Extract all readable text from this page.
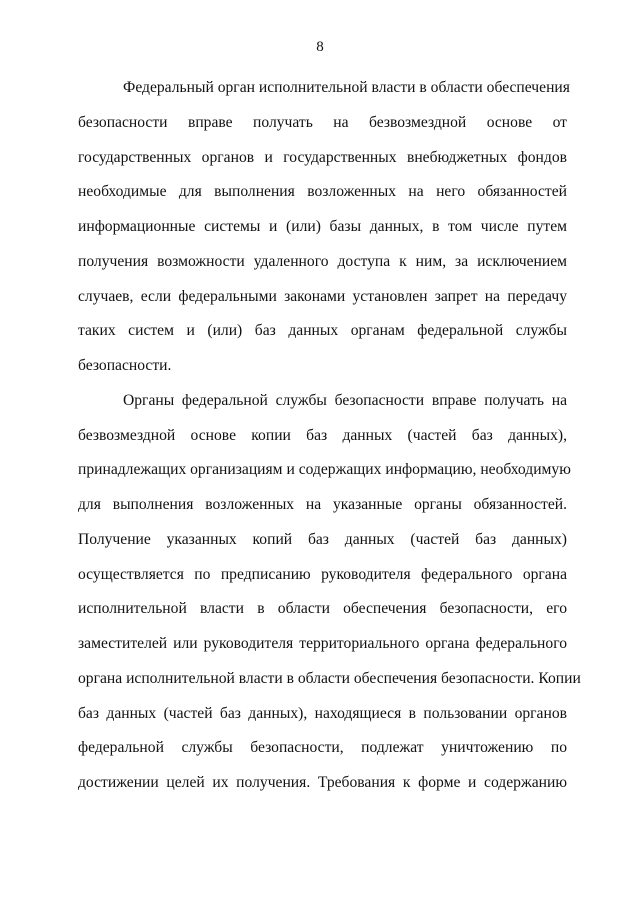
8
Федеральный орган исполнительной власти в области обеспечения
безопасности вправе получать на безвозмездной основе от
государственных органов и государственных внебюджетных фондов
необходимые для выполнения возложенных на него обязанностей
информационные системы и (или) базы данных, в том числе путем
получения возможности удаленного доступа к ним, за исключением
случаев, если федеральными законами установлен запрет на передачу
таких систем и (или) баз данных органам федеральной службы
безопасности.
Органы федеральной службы безопасности вправе получать на
безвозмездной основе копии баз данных (частей баз данных),
принадлежащих организациям и содержащих информацию, необходимую
для выполнения возложенных на указанные органы обязанностей.
Получение указанных копий баз данных (частей баз данных)
осуществляется по предписанию руководителя федерального органа
исполнительной власти в области обеспечения безопасности, его
заместителей или руководителя территориального органа федерального
органа исполнительной власти в области обеспечения безопасности. Копии
баз данных (частей баз данных), находящиеся в пользовании органов
федеральной службы безопасности, подлежат уничтожению по
достижении целей их получения. Требования к форме и содержанию
